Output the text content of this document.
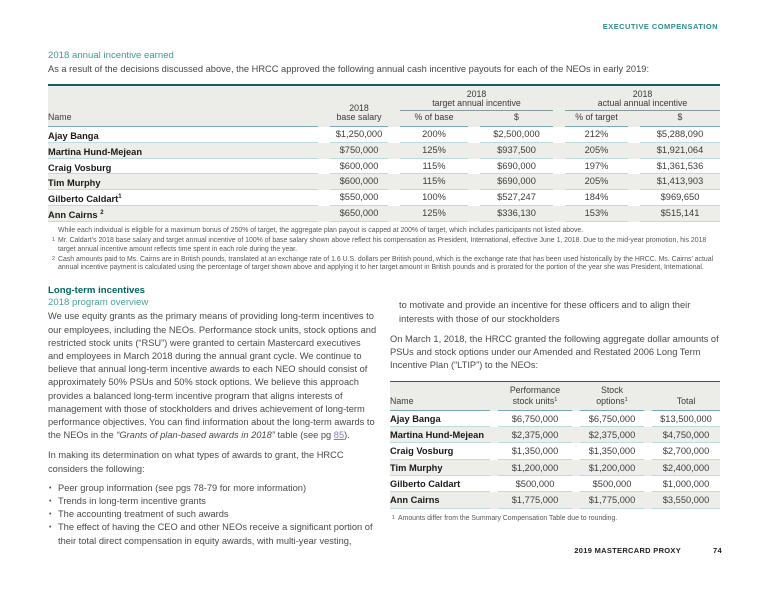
EXECUTIVE COMPENSATION
2018 annual incentive earned
As a result of the decisions discussed above, the HRCC approved the following annual cash incentive payouts for each of the NEOs in early 2019:
Name
2018
base salary
2018
target annual incentive
2018
actual annual incentive
% of base	$	% of target	$
Ajay Banga	$1,250,000	200%	$2,500,000	212%	$5,288,090
Martina Hund-Mejean	$750,000	125%	$937,500	205%	$1,921,064
Craig Vosburg	$600,000	115%	$690,000	197%	$1,361,536
Tim Murphy	$600,000	115%	$690,000	205%	$1,413,903
Gilberto Caldart$^1$	$550,000	100%	$527,247	184%	$969,650
Ann Cairns $^2$	$650,000	125%	$336,130	153%	$515,141
While each individual is eligible for a maximum bonus of 250% of target, the aggregate plan payout is capped at 200% of target, which includes participants not listed above.
1 Mr. Caldart’s 2018 base salary and target annual incentive of 100% of base salary shown above reflect his compensation as President, International, effective June 1, 2018. Due to the mid-year promotion, his 2018 target annual incentive amount reflects time spent in each role during the year.
2 Cash amounts paid to Ms. Cairns are in British pounds, translated at an exchange rate of 1.6 U.S. dollars per British pound, which is the exchange rate that has been used historically by the HRCC. Ms. Cairns’ actual annual incentive payment is calculated using the percentage of target shown above and applying it to her target amount in British pounds and is prorated for the portion of the year she was President, International.
Long-term incentives
2018 program overview
We use equity grants as the primary means of providing long-term incentives to our employees, including the NEOs. Performance stock units, stock options and restricted stock units (“RSU”) were granted to certain Mastercard executives and employees in March 2018 during the annual grant cycle. We continue to believe that annual long-term incentive awards to each NEO should consist of approximately 50% PSUs and 50% stock options. We believe this approach provides a balanced long-term incentive program that aligns interests of management with those of stockholders and drives achievement of long-term performance objectives. You can find information about the long-term awards to the NEOs in the “Grants of plan-based awards in 2018” table (see pg 85).
In making its determination on what types of awards to grant, the HRCC considers the following:
• Peer group information (see pgs 78-79 for more information)
• Trends in long-term incentive grants
• The accounting treatment of such awards
• The effect of having the CEO and other NEOs receive a significant portion of their total direct compensation in equity awards, with multi-year vesting,
to motivate and provide an incentive for these officers and to align their interests with those of our stockholders
On March 1, 2018, the HRCC granted the following aggregate dollar amounts of PSUs and stock options under our Amended and Restated 2006 Long Term Incentive Plan (“LTIP”) to the NEOs:
Name
Performance
stock units$^1$
Stock
options$^1$	Total
Ajay Banga	$6,750,000	$6,750,000	$13,500,000
Martina Hund-Mejean	$2,375,000	$2,375,000	$4,750,000
Craig Vosburg	$1,350,000	$1,350,000	$2,700,000
Tim Murphy	$1,200,000	$1,200,000	$2,400,000
Gilberto Caldart	$500,000	$500,000	$1,000,000
Ann Cairns	$1,775,000	$1,775,000	$3,550,000
1 Amounts differ from the Summary Compensation Table due to rounding.
2019 MASTERCARD PROXY	74
